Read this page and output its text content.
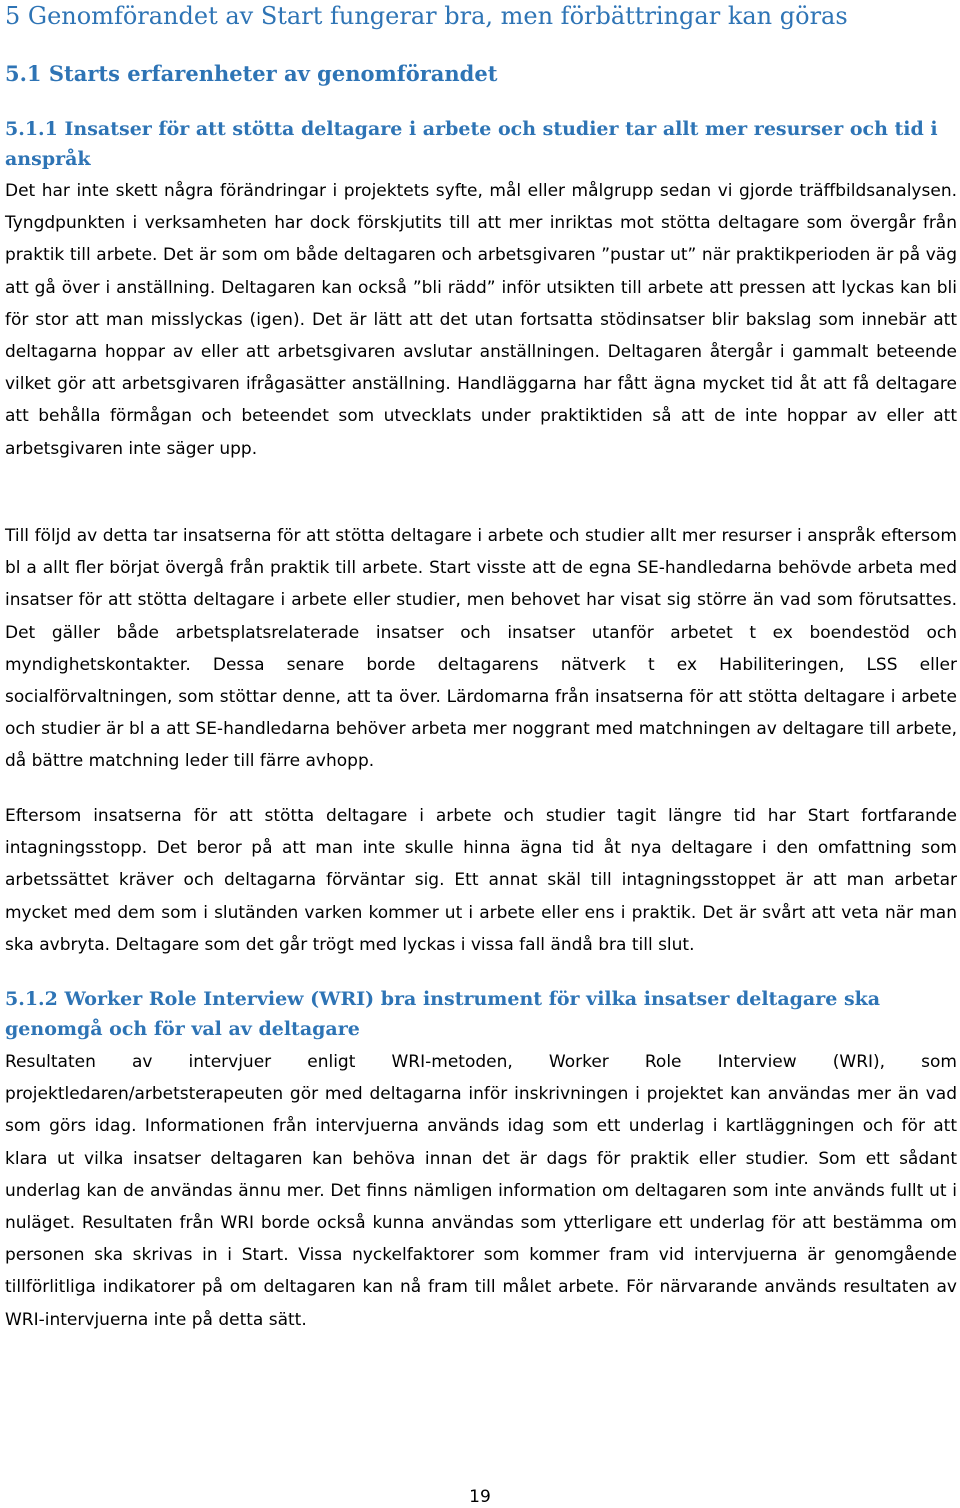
5 Genomförandet av Start fungerar bra, men förbättringar kan göras
5.1 Starts erfarenheter av genomförandet
5.1.1 Insatser för att stötta deltagare i arbete och studier tar allt mer resurser och tid i anspråk

Det har inte skett några förändringar i projektets syfte, mål eller målgrupp sedan vi gjorde träffbildsanalysen. Tyngdpunkten i verksamheten har dock förskjutits till att mer inriktas mot stötta deltagare som övergår från praktik till arbete. Det är som om både deltagaren och arbetsgivaren ”pustar ut” när praktikperioden är på väg att gå över i anställning. Deltagaren kan också ”bli rädd” inför utsikten till arbete att pressen att lyckas kan bli för stor att man misslyckas (igen). Det är lätt att det utan fortsatta stödinsatser blir bakslag som innebär att deltagarna hoppar av eller att arbetsgivaren avslutar anställningen. Deltagaren återgår i gammalt beteende vilket gör att arbetsgivaren ifrågasätter anställning. Handläggarna har fått ägna mycket tid åt att få deltagare att behålla förmågan och beteendet som utvecklats under praktiktiden så att de inte hoppar av eller att arbetsgivaren inte säger upp.

Till följd av detta tar insatserna för att stötta deltagare i arbete och studier allt mer resurser i anspråk eftersom bl a allt fler börjat övergå från praktik till arbete. Start visste att de egna SE-handledarna behövde arbeta med insatser för att stötta deltagare i arbete eller studier, men behovet har visat sig större än vad som förutsattes. Det gäller både arbetsplatsrelaterade insatser och insatser utanför arbetet t ex boendestöd och myndighetskontakter. Dessa senare borde deltagarens nätverk t ex Habiliteringen, LSS eller socialförvaltningen, som stöttar denne, att ta över. Lärdomarna från insatserna för att stötta deltagare i arbete och studier är bl a att SE-handledarna behöver arbeta mer noggrant med matchningen av deltagare till arbete, då bättre matchning leder till färre avhopp.

Eftersom insatserna för att stötta deltagare i arbete och studier tagit längre tid har Start fortfarande intagningsstopp. Det beror på att man inte skulle hinna ägna tid åt nya deltagare i den omfattning som arbetssättet kräver och deltagarna förväntar sig. Ett annat skäl till intagningsstoppet är att man arbetar mycket med dem som i slutänden varken kommer ut i arbete eller ens i praktik. Det är svårt att veta när man ska avbryta. Deltagare som det går trögt med lyckas i vissa fall ändå bra till slut.

5.1.2 Worker Role Interview (WRI) bra instrument för vilka insatser deltagare ska genomgå och för val av deltagare

Resultaten av intervjuer enligt WRI-metoden, Worker Role Interview (WRI), som projektledaren/arbetsterapeuten gör med deltagarna inför inskrivningen i projektet kan användas mer än vad som görs idag. Informationen från intervjuerna används idag som ett underlag i kartläggningen och för att klara ut vilka insatser deltagaren kan behöva innan det är dags för praktik eller studier. Som ett sådant underlag kan de användas ännu mer. Det finns nämligen information om deltagaren som inte används fullt ut i nuläget. Resultaten från WRI borde också kunna användas som ytterligare ett underlag för att bestämma om personen ska skrivas in i Start. Vissa nyckelfaktorer som kommer fram vid intervjuerna är genomgående tillförlitliga indikatorer på om deltagaren kan nå fram till målet arbete. För närvarande används resultaten av WRI-intervjuerna inte på detta sätt.

19
